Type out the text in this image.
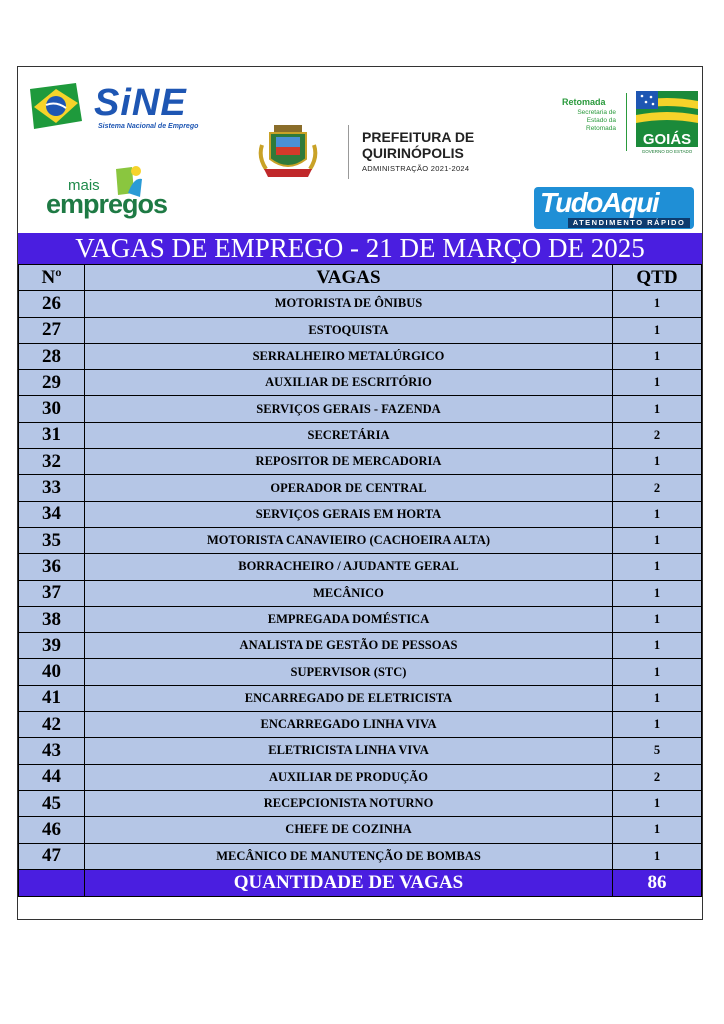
SiNE
Sistema Nacional de Emprego
mais
empregos
PREFEITURA DE
QUIRINÓPOLIS
ADMINISTRAÇÃO 2021-2024
Retomada
Secretaria de Estado da Retomada
GOIÁS
GOVERNO DO ESTADO
TudoAqui
ATENDIMENTO RÁPIDO
VAGAS DE EMPREGO - 21 DE MARÇO DE 2025
Nº	VAGAS	QTD
26	MOTORISTA DE ÔNIBUS	1
27	ESTOQUISTA	1
28	SERRALHEIRO METALÚRGICO	1
29	AUXILIAR DE ESCRITÓRIO	1
30	SERVIÇOS GERAIS - FAZENDA	1
31	SECRETÁRIA	2
32	REPOSITOR DE MERCADORIA	1
33	OPERADOR DE CENTRAL	2
34	SERVIÇOS GERAIS EM HORTA	1
35	MOTORISTA CANAVIEIRO (CACHOEIRA ALTA)	1
36	BORRACHEIRO / AJUDANTE GERAL	1
37	MECÂNICO	1
38	EMPREGADA DOMÉSTICA	1
39	ANALISTA DE GESTÃO DE PESSOAS	1
40	SUPERVISOR (STC)	1
41	ENCARREGADO DE ELETRICISTA	1
42	ENCARREGADO LINHA VIVA	1
43	ELETRICISTA LINHA VIVA	5
44	AUXILIAR DE PRODUÇÃO	2
45	RECEPCIONISTA NOTURNO	1
46	CHEFE DE COZINHA	1
47	MECÂNICO DE MANUTENÇÃO DE BOMBAS	1
	QUANTIDADE DE VAGAS	86
